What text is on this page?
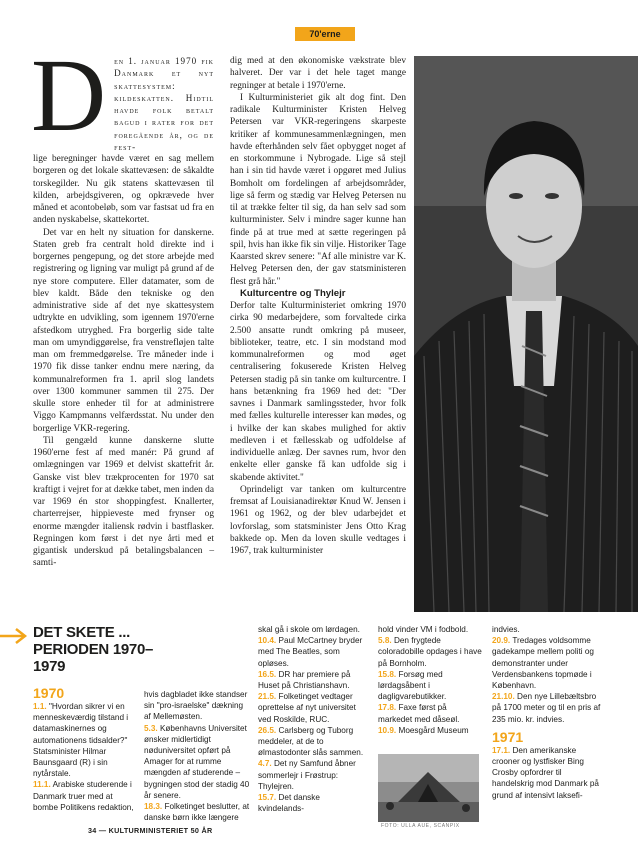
70'erne
D en 1. januar 1970 fik Danmark et nyt skattesystem: kildeskatten. Hidtil havde folk betalt bagud i rater for det foregående år, og de fest-

lige beregninger havde været en sag mellem borgeren og det lokale skattevæsen: de såkaldte torskegilder. Nu gik statens skattevæsen til kilden, arbejdsgiveren, og opkrævede hver måned et acontobeløb, som var fastsat ud fra en anden nyskabelse, skattekortet.

Det var en helt ny situation for danskerne. Staten greb fra centralt hold direkte ind i borgernes pengepung, og det store arbejde med registrering og ligning var muligt på grund af de nye store computere. Eller datamater, som de blev kaldt. Både den tekniske og den administrative side af det nye skattesystem udtrykte en udvikling, som igennem 1970'erne afstedkom utryghed. Fra borgerlig side talte man om umyndiggørelse, fra venstrefløjen talte man om fremmedgørelse. Tre måneder inde i 1970 fik disse tanker endnu mere næring, da kommunalreformen fra 1. april slog landets over 1300 kommuner sammen til 275. Der skulle store enheder til for at administrere Viggo Kampmanns velfærdsstat. Nu under den borgerlige VKR-regering.

Til gengæld kunne danskerne slutte 1960'erne fest af med manér: På grund af omlægningen var 1969 et delvist skattefrit år. Ganske vist blev trækprocenten for 1970 sat kraftigt i vejret for at dække tabet, men inden da var 1969 én stor shoppingfest. Knallerter, charterrejser, hippieveste med frynser og enorme mængder italiensk rødvin i bastflasker. Regningen kom først i det nye årti med et gigantisk underskud på betalingsbalancen – samti-

dig med at den økonomiske vækstrate blev halveret. Der var i det hele taget mange regninger at betale i 1970'erne.

I Kulturministeriet gik alt dog fint. Den radikale Kulturminister Kristen Helveg Petersen var VKR-regeringens skarpeste kritiker af kommunesammenlægningen, men havde efterhånden selv fået opbygget noget af en storkommune i Nybrogade. Lige så stejl han i sin tid havde været i opgøret med Julius Bomholt om fordelingen af arbejdsområder, lige så ferm og stædig var Helveg Petersen nu til at trække felter til sig, da han selv sad som kulturminister. Selv i mindre sager kunne han finde på at true med at sætte regeringen på spil, hvis han ikke fik sin vilje. Historiker Tage Kaarsted skrev senere: "Af alle ministre var K. Helveg Petersen den, der gav statsministeren flest grå hår."

Kulturcentre og Thylejr

Derfor talte Kulturministeriet omkring 1970 cirka 90 medarbejdere, som forvaltede cirka 2.500 ansatte rundt omkring på museer, biblioteker, teatre, etc. I sin modstand mod kommunalreformen og mod øget centralisering fokuserede Kristen Helveg Petersen stadig på sin tanke om kulturcentre. I hans betænkning fra 1969 hed det: "Der savnes i Danmark samlingssteder, hvor folk med fælles kulturelle interesser kan mødes, og i hvilke der kan skabes mulighed for aktiv medleven i et fællesskab og udfoldelse af individuelle anlæg. Der savnes rum, hvor den enkelte eller ganske få kan udfolde sig i skabende aktivitet."

Oprindeligt var tanken om kulturcentre fremsat af Louisianadirektør Knud W. Jensen i 1961 og 1962, og der blev udarbejdet et lovforslag, som statsminister Jens Otto Krag bakkede op. Men da loven skulle vedtages i 1967, trak kulturminister

DET SKETE ...
PERIODEN 1970–1979

1970

1.1. "Hvordan sikrer vi en menneskeværdig tilstand i datamaskinernes og automationens tidsalder?" Statsminister Hilmar Baunsgaard (R) i sin nytårstale.

11.1. Arabiske studerende i Danmark truer med at bombe Politikens redaktion,

hvis dagbladet ikke standser sin "pro-israelske" dækning af Mellemøsten.

5.3. Københavns Universitet ønsker midlertidigt nøduniversitet opført på Amager for at rumme mængden af studerende – bygningen stod der stadig 40 år senere.

18.3. Folketinget beslutter, at danske børn ikke længere

skal gå i skole om lørdagen.

10.4. Paul McCartney bryder med The Beatles, som opløses.

16.5. DR har premiere på Huset på Christianshavn.

21.5. Folketinget vedtager oprettelse af nyt universitet ved Roskilde, RUC.

26.5. Carlsberg og Tuborg meddeler, at de to ølmastodonter slås sammen.

4.7. Det ny Samfund åbner sommerlejr i Frøstrup: Thylejren.

15.7. Det danske kvindelands-

hold vinder VM i fodbold.

5.8. Den frygtede coloradobille opdages i have på Bornholm.

15.8. Forsøg med lørdagsåbent i dagligvarebutikker.

17.8. Faxe først på markedet med dåseøl.

10.9. Moesgård Museum

FOTO: ULLA AUE, SCANPIX

indvies.

20.9. Tredages voldsomme gadekampe mellem politi og demonstranter under Verdensbankens topmøde i København.

21.10. Den nye Lillebæltsbro på 1700 meter og til en pris af 235 mio. kr. indvies.

1971

17.1. Den amerikanske crooner og lystfisker Bing Crosby opfordrer til handelskrig mod Danmark på grund af intensivt laksefi-

34 — KULTURMINISTERIET 50 ÅR
